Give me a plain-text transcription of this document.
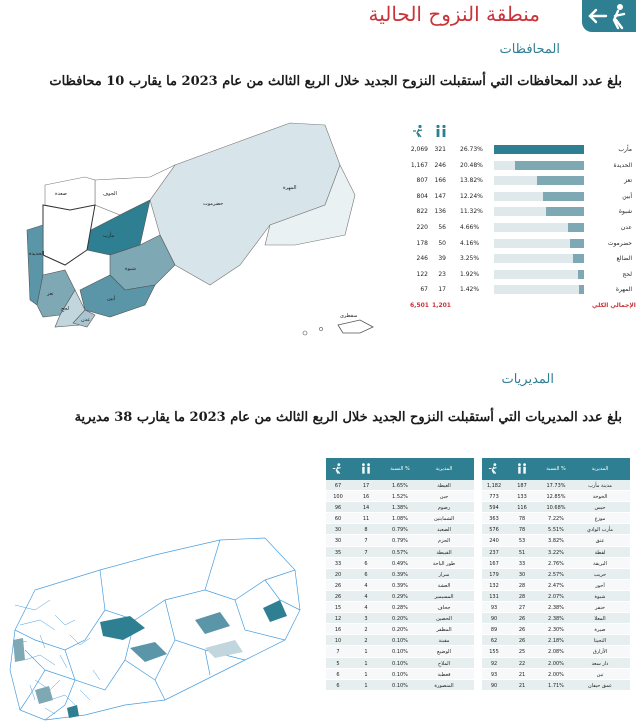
منطقة النزوح الحالية
المحافظات
بلغ عدد المحافظات التي أستقبلت النزوح الجديد خلال الربع الثالث من عام 2023 ما يقارب 10 محافظات
المهرة
حضرموت
الجوف
صعدة
مأرب
شبوة
أبين
عدن
لحج
تعز
الحديدة
سقطرى
2,069	321 26.73%	مأرب
1,167	246 20.48%	الحديدة
807	166 13.82%	تعز
804	147 12.24%	أبين
822	136 11.32%	شبوة
220	56 4.66%	عدن
178	50 4.16%	حضرموت
246	39 3.25%	الضالع
122	23 1.92%	لحج
67	17 1.42%	المهرة
6,501 1,201	الإجمالي الكلي
المديريات
بلغ عدد المديريات التي أستقبلت النزوح الجديد خلال الربع الثالث من عام 2023 ما يقارب 38 مديرية
النسبة %	المديرية
1,182	187	17.73%	مدينة مأرب
773	133	12.85%	الخوخة
594	116	10.68%	حيس
363	78	7.22%	موزع
576	78	5.51%	مأرب الوادي
240	53	3.82%	عتق
237	51	3.22%	لقطة
167	33	2.76%	البريقة
179	30	2.57%	حريب
132	28	2.47%	أحور
131	28	2.07%	شبوة
93	27	2.38%	خنفر
90	26	2.38%	المعلا
89	26	2.30%	صيرة
62	26	2.18%	التحيتا
155	25	2.08%	الأزارق
92	22	2.00%	دار سعد
93	21	2.00%	تبن
90	21	1.71%	عمق حيفان
النسبة %	المديرية
67	17	1.65%	الغيظة
100	16	1.52%	جبن
96	14	1.38%	رضوم
60	11	1.08%	الشمايتين
30	8	0.79%	الصعيد
30	7	0.79%	الحزم
35	7	0.57%	القبيطة
33	6	0.49%	طور الباحة
20	6	0.39%	سرار
26	4	0.39%	العشة
26	4	0.29%	المسيمير
15	4	0.28%	جحاف
12	3	0.20%	الحصين
16	2	0.20%	المظفر
10	2	0.10%	مقبنة
7	1	0.10%	الوضيع
5	1	0.10%	الملاح
6	1	0.10%	قعطبة
6	1	0.10%	المنصورة
